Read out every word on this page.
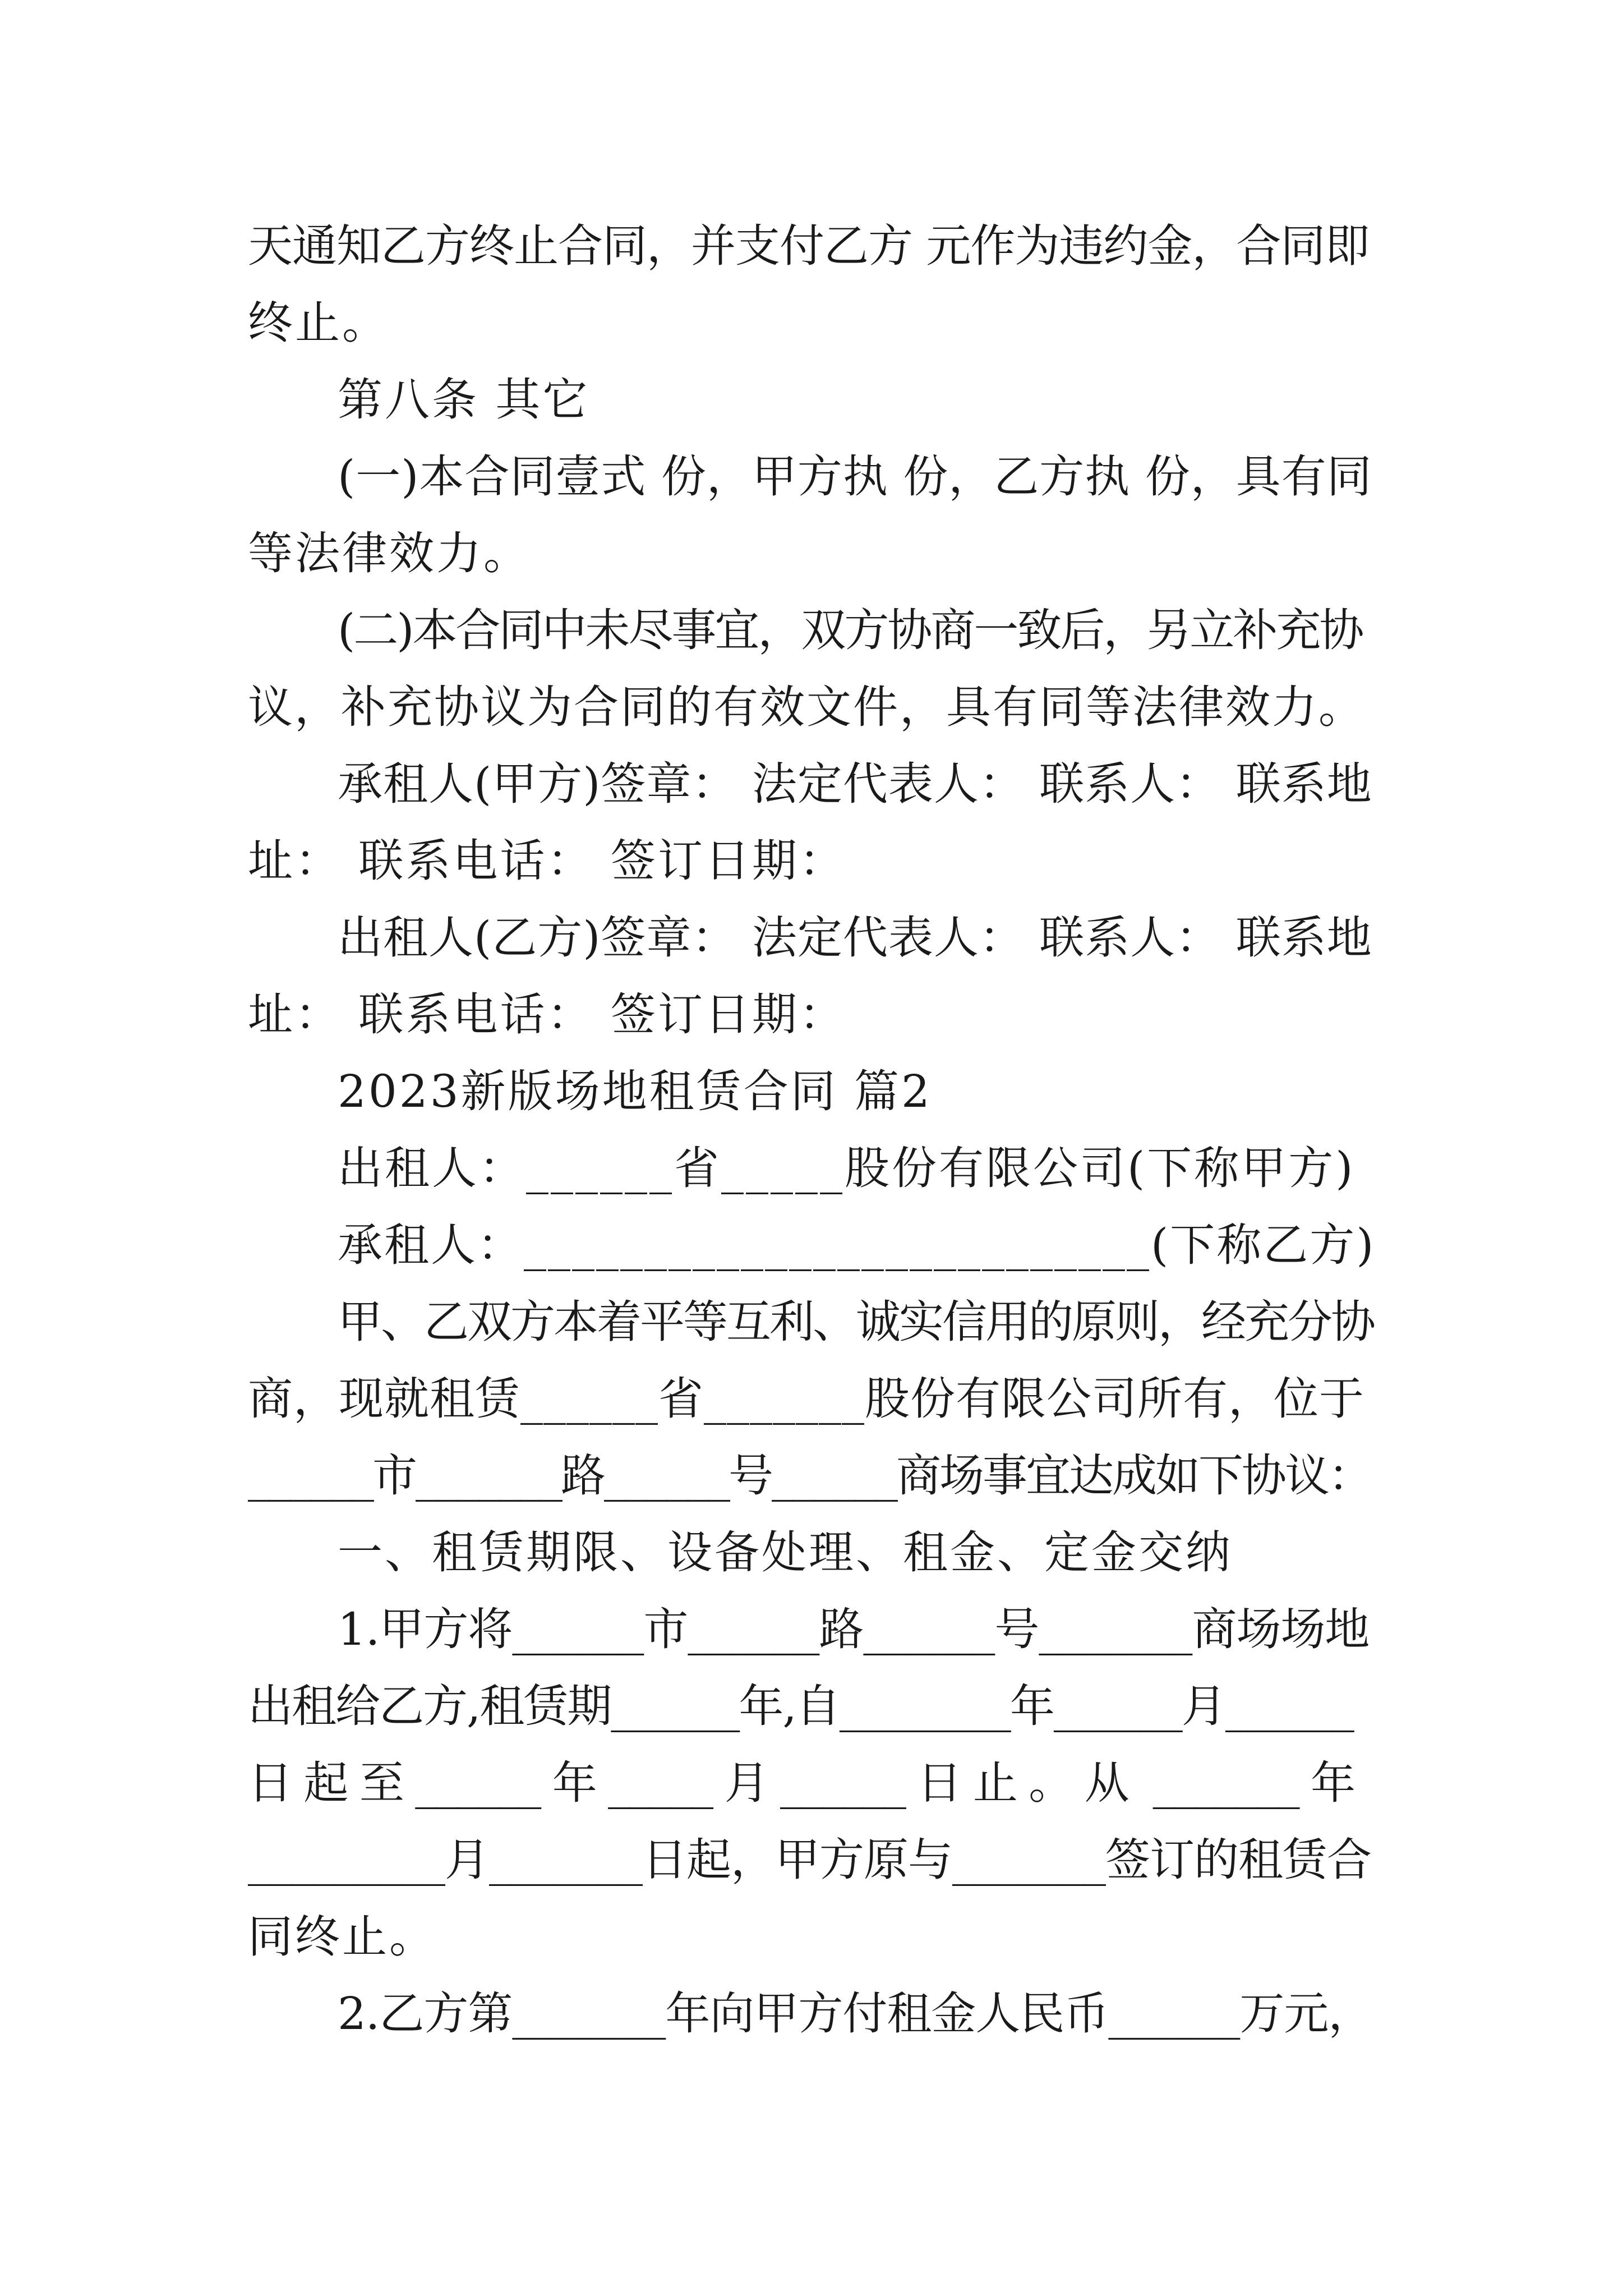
天通知乙方终止合同，并支付乙方 元作为违约金，合同即
终止。
第八条 其它
(一)本合同壹式 份，甲方执 份，乙方执 份，具有同
等法律效力。
(二)本合同中未尽事宜，双方协商一致后，另立补充协
议，补充协议为合同的有效文件，具有同等法律效力。
承租人(甲方)签章： 法定代表人： 联系人： 联系地
址： 联系电话： 签订日期：
出租人(乙方)签章： 法定代表人： 联系人： 联系地
址： 联系电话： 签订日期：
2023新版场地租赁合同 篇2
出租人：______省_____股份有限公司(下称甲方)
承租人：__________________________(下称乙方)
甲、乙双方本着平等互利、诚实信用的原则，经充分协
商，现就租赁______省_______股份有限公司所有，位于
______市_______路______号______商场事宜达成如下协议：
一、租赁期限、设备处理、租金、定金交纳
1.甲方将______市______路______号_______商场场地
出租给乙方,租赁期______年,自________年______月______
日 起 至 ______ 年 _____ 月 ______ 日 止 。 从  _______ 年
_________月_______日起，甲方原与_______签订的租赁合
同终止。
2.乙方第_______年向甲方付租金人民币______万元，
